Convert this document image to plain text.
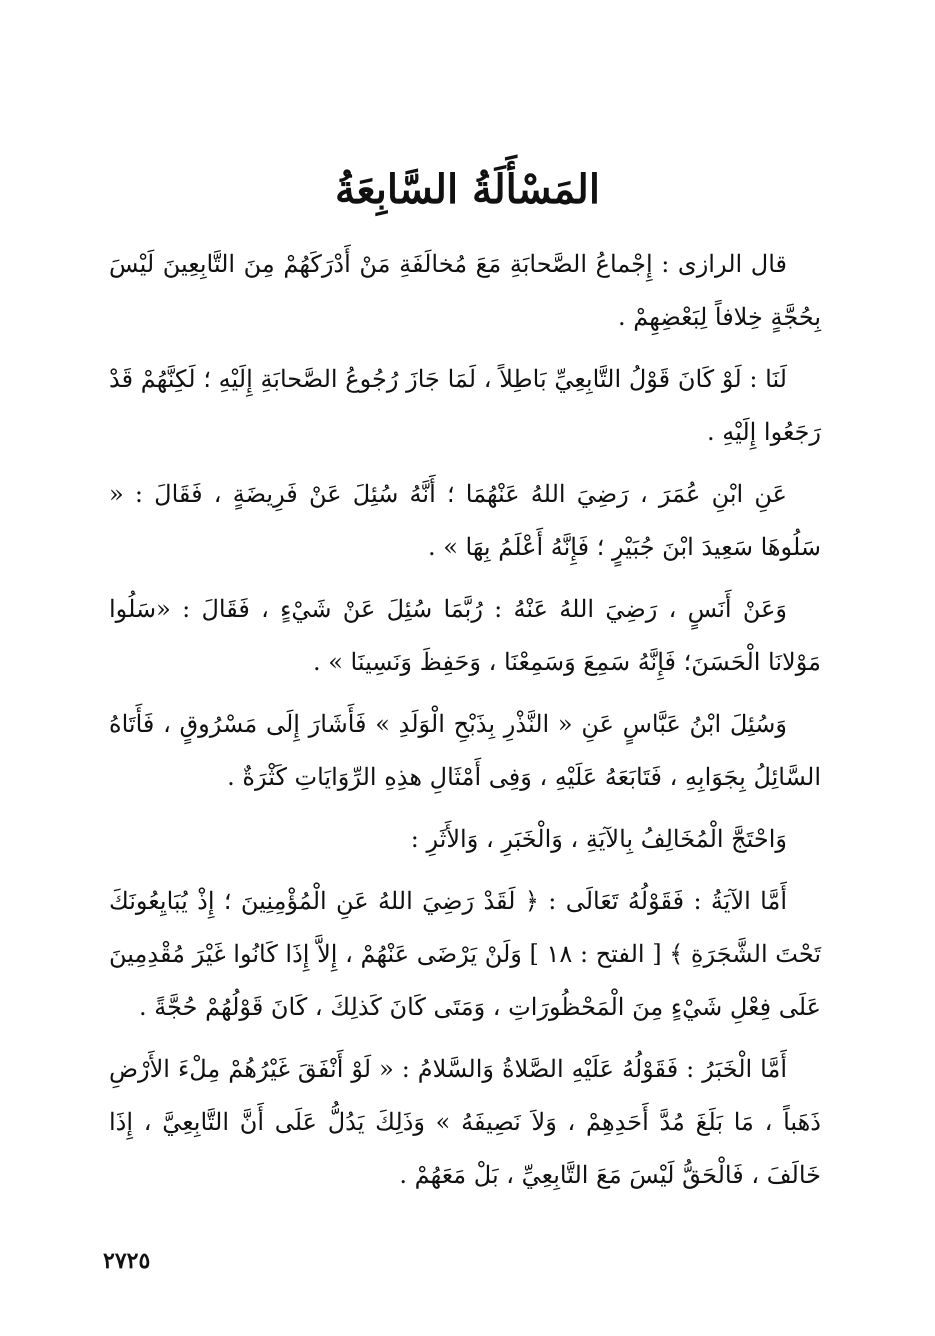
المَسْأَلَةُ السَّابِعَةُ

قال الرازى : إِجْماعُ الصَّحابَةِ مَعَ مُخالَفَةِ مَنْ أَدْرَكَهُمْ مِنَ التَّابِعِينَ لَيْسَ بِحُجَّةٍ خِلافاً لِبَعْضِهِمْ .

لَنَا : لَوْ كَانَ قَوْلُ التَّابِعِيِّ بَاطِلاً ، لَمَا جَازَ رُجُوعُ الصَّحابَةِ إِلَيْهِ ؛ لَكِنَّهُمْ قَدْ رَجَعُوا إِلَيْهِ .

عَنِ ابْنِ عُمَرَ ، رَضِيَ اللهُ عَنْهُمَا ؛ أَنَّهُ سُئِلَ عَنْ فَرِيضَةٍ ، فَقَالَ : « سَلُوهَا سَعِيدَ ابْنَ جُبَيْرٍ ؛ فَإِنَّهُ أَعْلَمُ بِهَا » .

وَعَنْ أَنَسٍ ، رَضِيَ اللهُ عَنْهُ : رُبَّمَا سُئِلَ عَنْ شَيْءٍ ، فَقَالَ : «سَلُوا مَوْلانَا الْحَسَنَ؛ فَإِنَّهُ سَمِعَ وَسَمِعْنَا ، وَحَفِظَ وَنَسِينَا » .

وَسُئِلَ ابْنُ عَبَّاسٍ عَنِ « النَّذْرِ بِذَبْحِ الْوَلَدِ » فَأَشَارَ إِلَى مَسْرُوقٍ ، فَأَتَاهُ السَّائِلُ بِجَوَابِهِ ، فَتَابَعَهُ عَلَيْهِ ، وَفِى أَمْثَالِ هذِهِ الرِّوَايَاتِ كَثْرَةٌ .

وَاحْتَجَّ الْمُخَالِفُ بِالآيَةِ ، وَالْخَبَرِ ، وَالأَثَرِ :

أَمَّا الآيَةُ : فَقَوْلُهُ تَعَالَى : ﴿ لَقَدْ رَضِيَ اللهُ عَنِ الْمُؤْمِنِينَ ؛ إِذْ يُبَايِعُونَكَ تَحْتَ الشَّجَرَةِ ﴾ [ الفتح : ١٨ ] وَلَنْ يَرْضَى عَنْهُمْ ، إِلاَّ إِذَا كَانُوا غَيْرَ مُقْدِمِينَ عَلَى فِعْلِ شَيْءٍ مِنَ الْمَحْظُورَاتِ ، وَمَتَى كَانَ كَذلِكَ ، كَانَ قَوْلُهُمْ حُجَّةً .

أَمَّا الْخَبَرُ : فَقَوْلُهُ عَلَيْهِ الصَّلاةُ وَالسَّلامُ : « لَوْ أَنْفَقَ غَيْرُهُمْ مِلْءَ الأَرْضِ ذَهَباً ، مَا بَلَغَ مُدَّ أَحَدِهِمْ ، وَلاَ نَصِيفَهُ » وَذَلِكَ يَدُلُّ عَلَى أَنَّ التَّابِعِيَّ ، إِذَا خَالَفَ ، فَالْحَقُّ لَيْسَ مَعَ التَّابِعِيِّ ، بَلْ مَعَهُمْ .

٢٧٢٥
